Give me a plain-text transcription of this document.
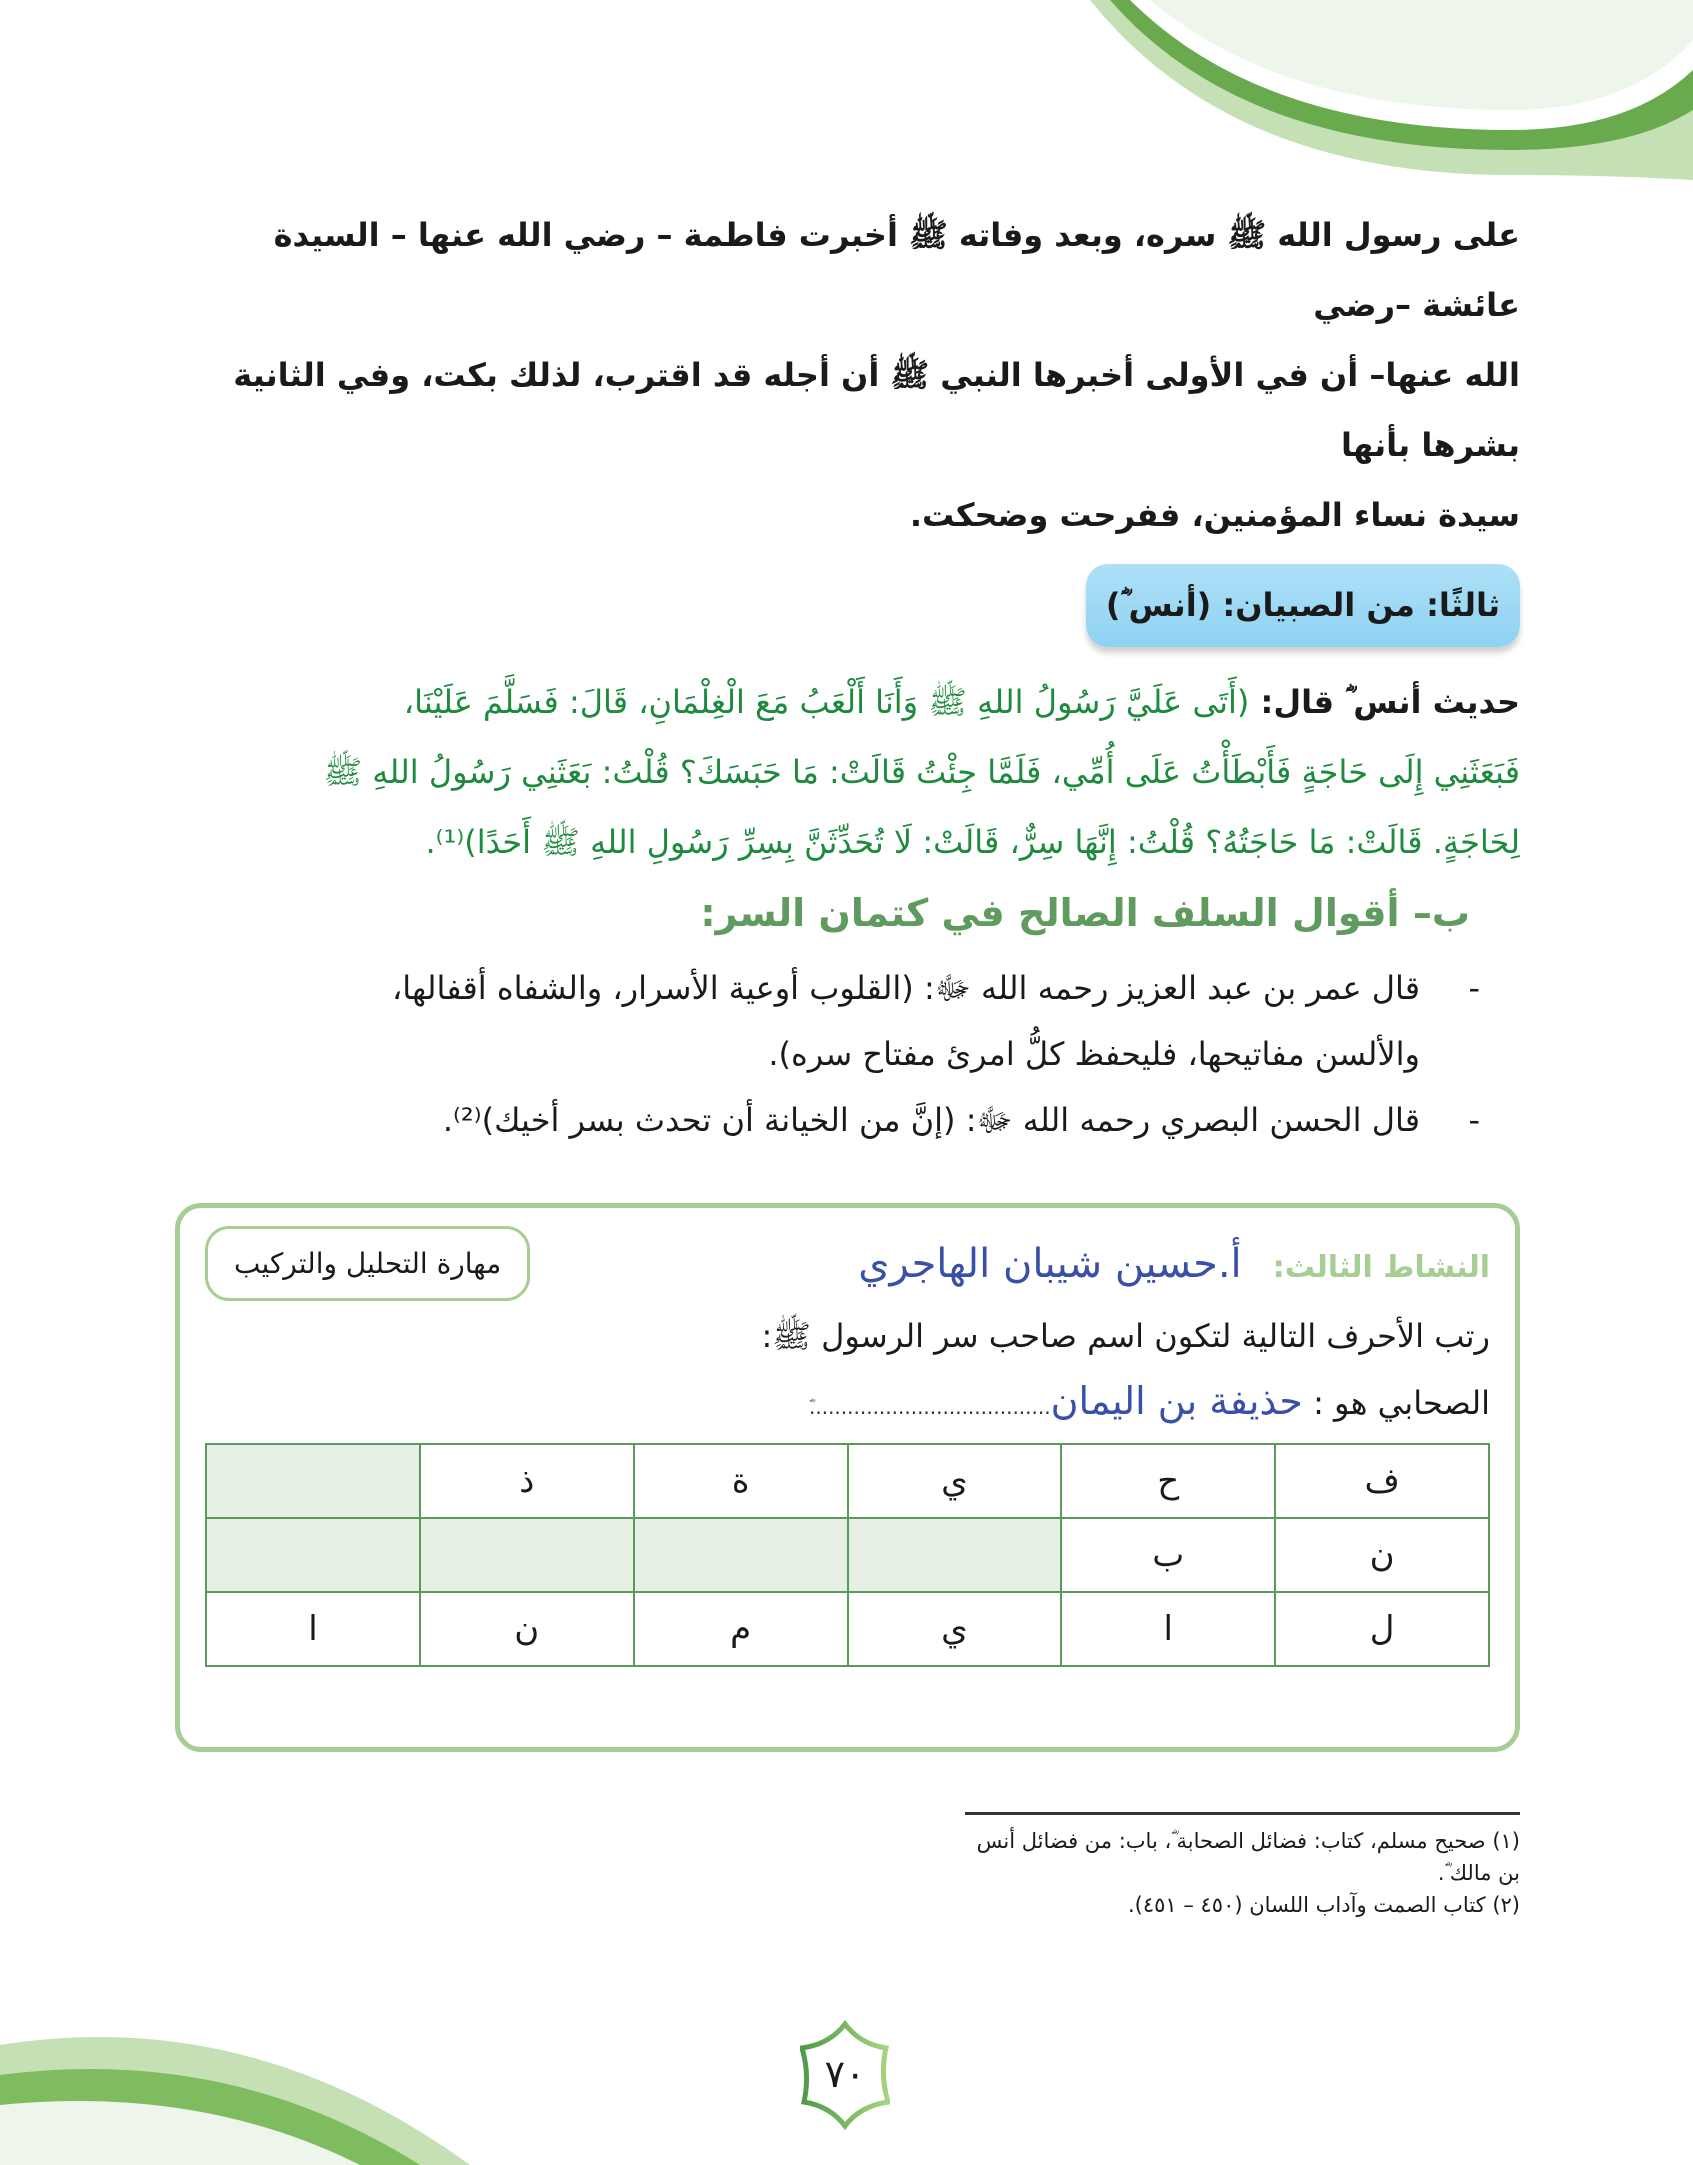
على رسول الله ﷺ سره، وبعد وفاته ﷺ أخبرت فاطمة – رضي الله عنها – السيدة عائشة –رضي
الله عنها– أن في الأولى أخبرها النبي ﷺ أن أجله قد اقترب، لذلك بكت، وفي الثانية بشرها بأنها
سيدة نساء المؤمنين، ففرحت وضحكت.
ثالثًا: من الصبيان: (أنس ؓ)
حديث أنس ؓ قال: (أَتَى عَلَيَّ رَسُولُ اللهِ ﷺ وَأَنَا أَلْعَبُ مَعَ الْغِلْمَانِ، قَالَ: فَسَلَّمَ عَلَيْنَا،
فَبَعَثَنِي إِلَى حَاجَةٍ فَأَبْطَأْتُ عَلَى أُمِّي، فَلَمَّا جِئْتُ قَالَتْ: مَا حَبَسَكَ؟ قُلْتُ: بَعَثَنِي رَسُولُ اللهِ ﷺ
لِحَاجَةٍ. قَالَتْ: مَا حَاجَتُهُ؟ قُلْتُ: إِنَّهَا سِرٌّ، قَالَتْ: لَا تُحَدِّثَنَّ بِسِرِّ رَسُولِ اللهِ ﷺ أَحَدًا)⁽¹⁾.
ب– أقوال السلف الصالح في كتمان السر:
-
قال عمر بن عبد العزيز رحمه الله ﷻ: (القلوب أوعية الأسرار، والشفاه أقفالها،
والألسن مفاتيحها، فليحفظ كلُّ امرئ مفتاح سره).
-
قال الحسن البصري رحمه الله ﷻ: (إنَّ من الخيانة أن تحدث بسر أخيك)⁽²⁾.
النشاط الثالث: أ.حسين شيبان الهاجري
مهارة التحليل والتركيب
رتب الأحرف التالية لتكون اسم صاحب سر الرسول ﷺ:
الصحابي هو : حذيفة بن اليمان......................................
ف	ح	ي	ة	ذ	
ن	ب				
ل	ا	ي	م	ن	ا
(١) صحيح مسلم، كتاب: فضائل الصحابة ؓ، باب: من فضائل أنس بن مالك ؓ.
(٢) كتاب الصمت وآداب اللسان (٤٥٠ – ٤٥١).
٧٠
